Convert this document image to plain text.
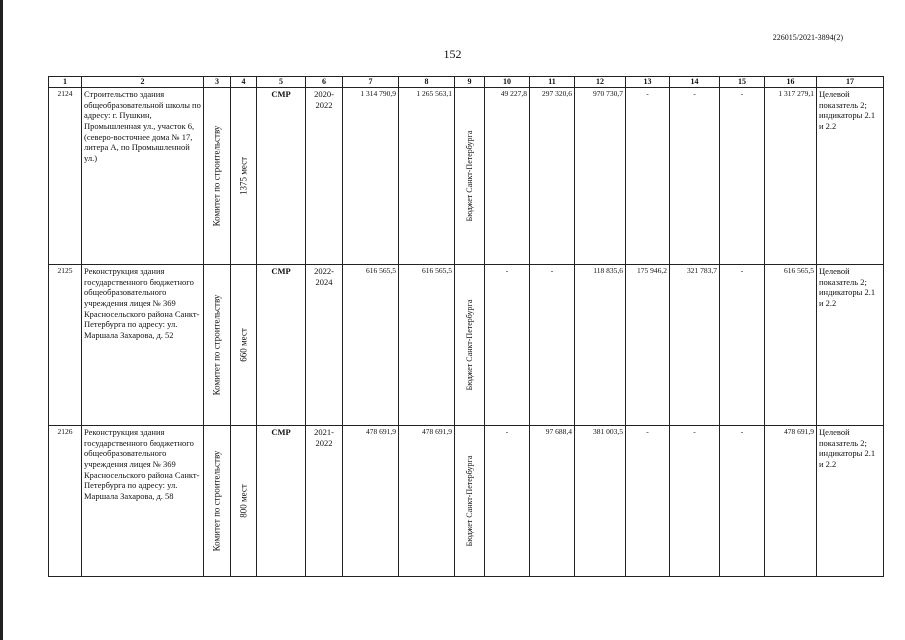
226015/2021-3894(2)
152
1	2	3	4	5	6	7	8	9	10	11	12	13	14	15	16	17
2124	Строительство здания общеобразовательной школы по адресу: г. Пушкин, Промышленная ул., участок 6, (северо-восточнее дома № 17, литера А, по Промышленной ул.)	Комитет по строительству	1375 мест	СМР	2020-2022	1 314 790,9	1 265 563,1	Бюджет Санкт-Петербурга	49 227,8	297 320,6	970 730,7	-	-	-	1 317 279,1	Целевой показатель 2; индикаторы 2.1 и 2.2
2125	Реконструкция здания государственного бюджетного общеобразовательного учреждения лицея № 369 Красносельского района Санкт-Петербурга по адресу: ул. Маршала Захарова, д. 52	Комитет по строительству	660 мест	СМР	2022-2024	616 565,5	616 565,5	Бюджет Санкт-Петербурга	-	-	118 835,6	175 946,2	321 783,7	-	616 565,5	Целевой показатель 2; индикаторы 2.1 и 2.2
2126	Реконструкция здания государственного бюджетного общеобразовательного учреждения лицея № 369 Красносельского района Санкт-Петербурга по адресу: ул. Маршала Захарова, д. 58	Комитет по строительству	800 мест	СМР	2021-2022	478 691,9	478 691,9	Бюджет Санкт-Петербурга	-	97 688,4	381 003,5	-	-	-	478 691,9	Целевой показатель 2; индикаторы 2.1 и 2.2
